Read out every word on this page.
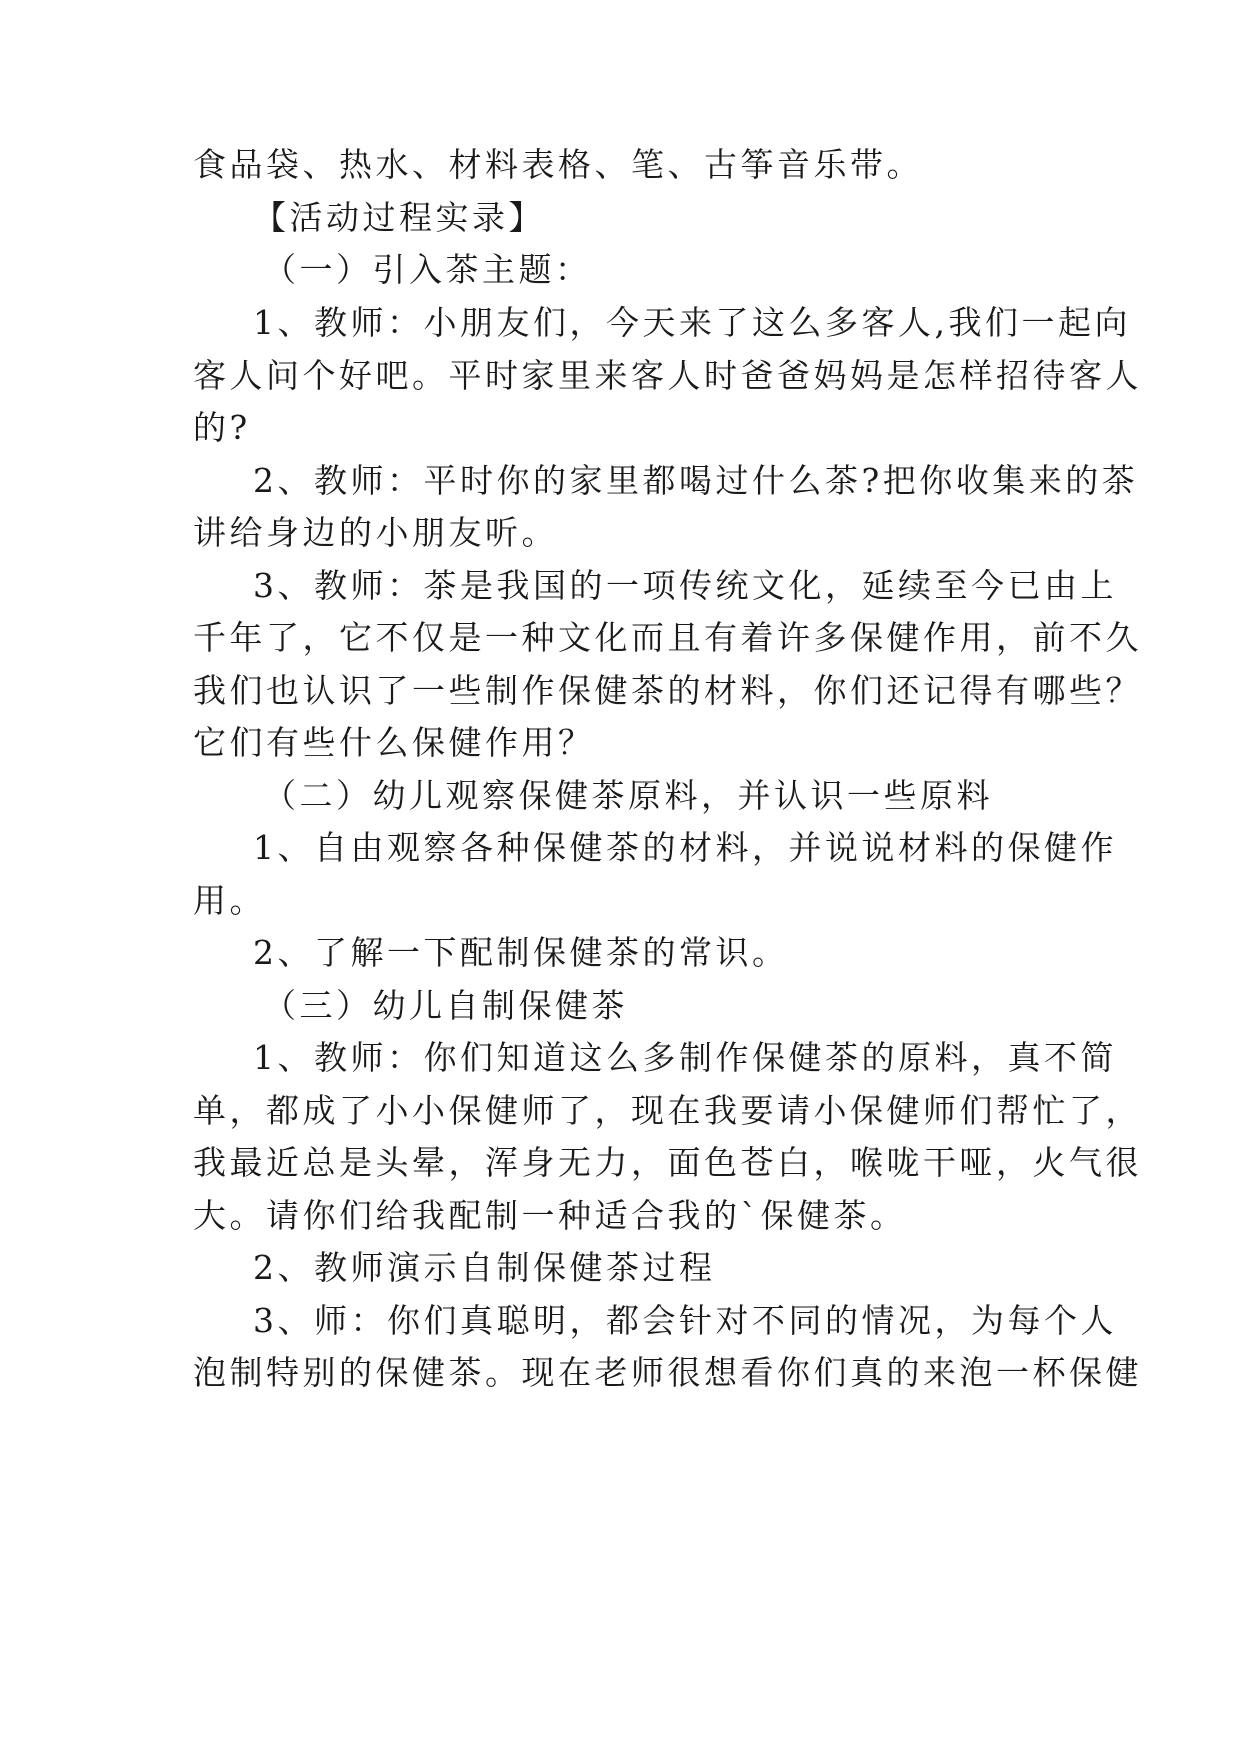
食品袋、热水、材料表格、笔、古筝音乐带。
【活动过程实录】
（一）引入茶主题：
1、教师：小朋友们，今天来了这么多客人,我们一起向
客人问个好吧。平时家里来客人时爸爸妈妈是怎样招待客人
的?
2、教师：平时你的家里都喝过什么茶?把你收集来的茶
讲给身边的小朋友听。
3、教师：茶是我国的一项传统文化，延续至今已由上
千年了，它不仅是一种文化而且有着许多保健作用，前不久
我们也认识了一些制作保健茶的材料，你们还记得有哪些？
它们有些什么保健作用？
（二）幼儿观察保健茶原料，并认识一些原料
1、自由观察各种保健茶的材料，并说说材料的保健作
用。
2、了解一下配制保健茶的常识。
（三）幼儿自制保健茶
1、教师：你们知道这么多制作保健茶的原料，真不简
单，都成了小小保健师了，现在我要请小保健师们帮忙了，
我最近总是头晕，浑身无力，面色苍白，喉咙干哑，火气很
大。请你们给我配制一种适合我的`保健茶。
2、教师演示自制保健茶过程
3、师：你们真聪明，都会针对不同的情况，为每个人
泡制特别的保健茶。现在老师很想看你们真的来泡一杯保健
